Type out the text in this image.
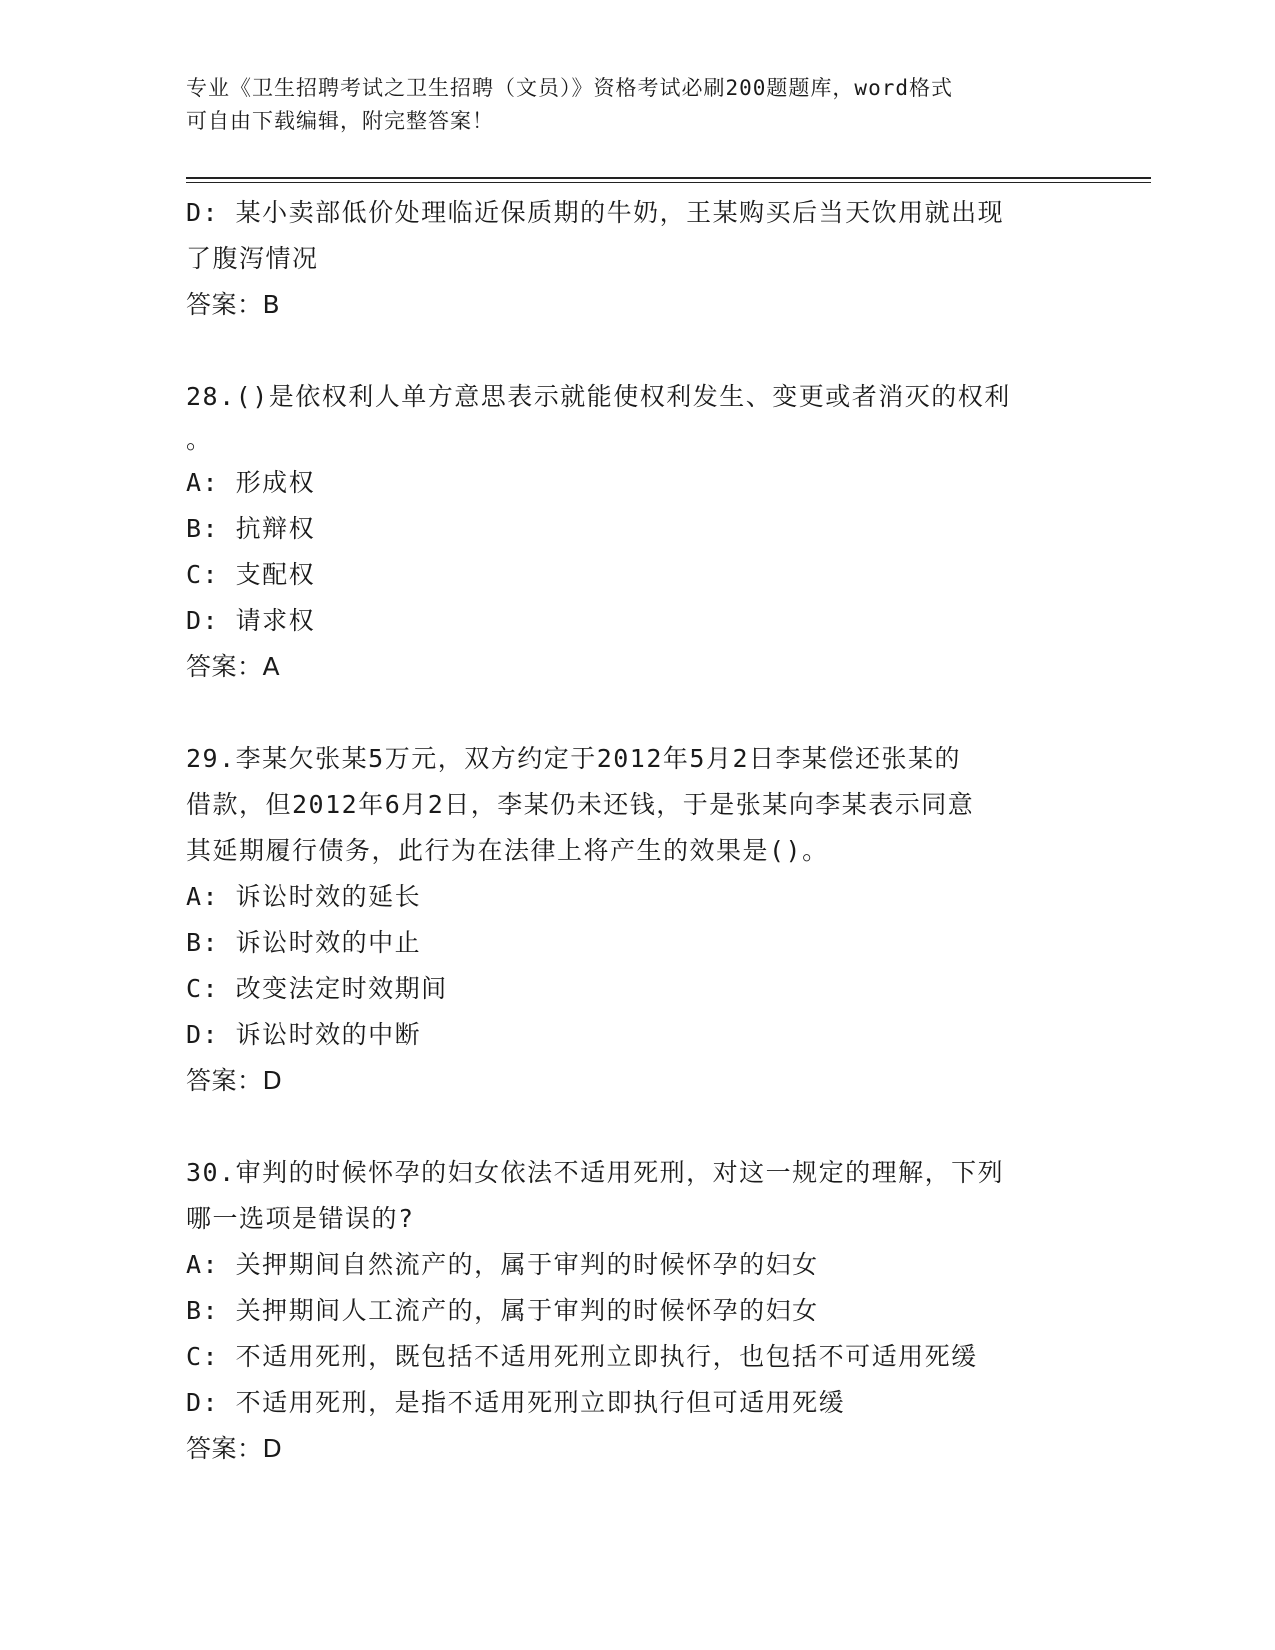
专业《卫生招聘考试之卫生招聘（文员）》资格考试必刷200题题库，word格式
可自由下载编辑，附完整答案！
D: 某小卖部低价处理临近保质期的牛奶，王某购买后当天饮用就出现
了腹泻情况
答案：B
28.()是依权利人单方意思表示就能使权利发生、变更或者消灭的权利
。
A: 形成权
B: 抗辩权
C: 支配权
D: 请求权
答案：A
29.李某欠张某5万元，双方约定于2012年5月2日李某偿还张某的
借款，但2012年6月2日，李某仍未还钱，于是张某向李某表示同意
其延期履行债务，此行为在法律上将产生的效果是()。
A: 诉讼时效的延长
B: 诉讼时效的中止
C: 改变法定时效期间
D: 诉讼时效的中断
答案：D
30.审判的时候怀孕的妇女依法不适用死刑，对这一规定的理解，下列
哪一选项是错误的?
A: 关押期间自然流产的，属于审判的时候怀孕的妇女
B: 关押期间人工流产的，属于审判的时候怀孕的妇女
C: 不适用死刑，既包括不适用死刑立即执行，也包括不可适用死缓
D: 不适用死刑，是指不适用死刑立即执行但可适用死缓
答案：D
